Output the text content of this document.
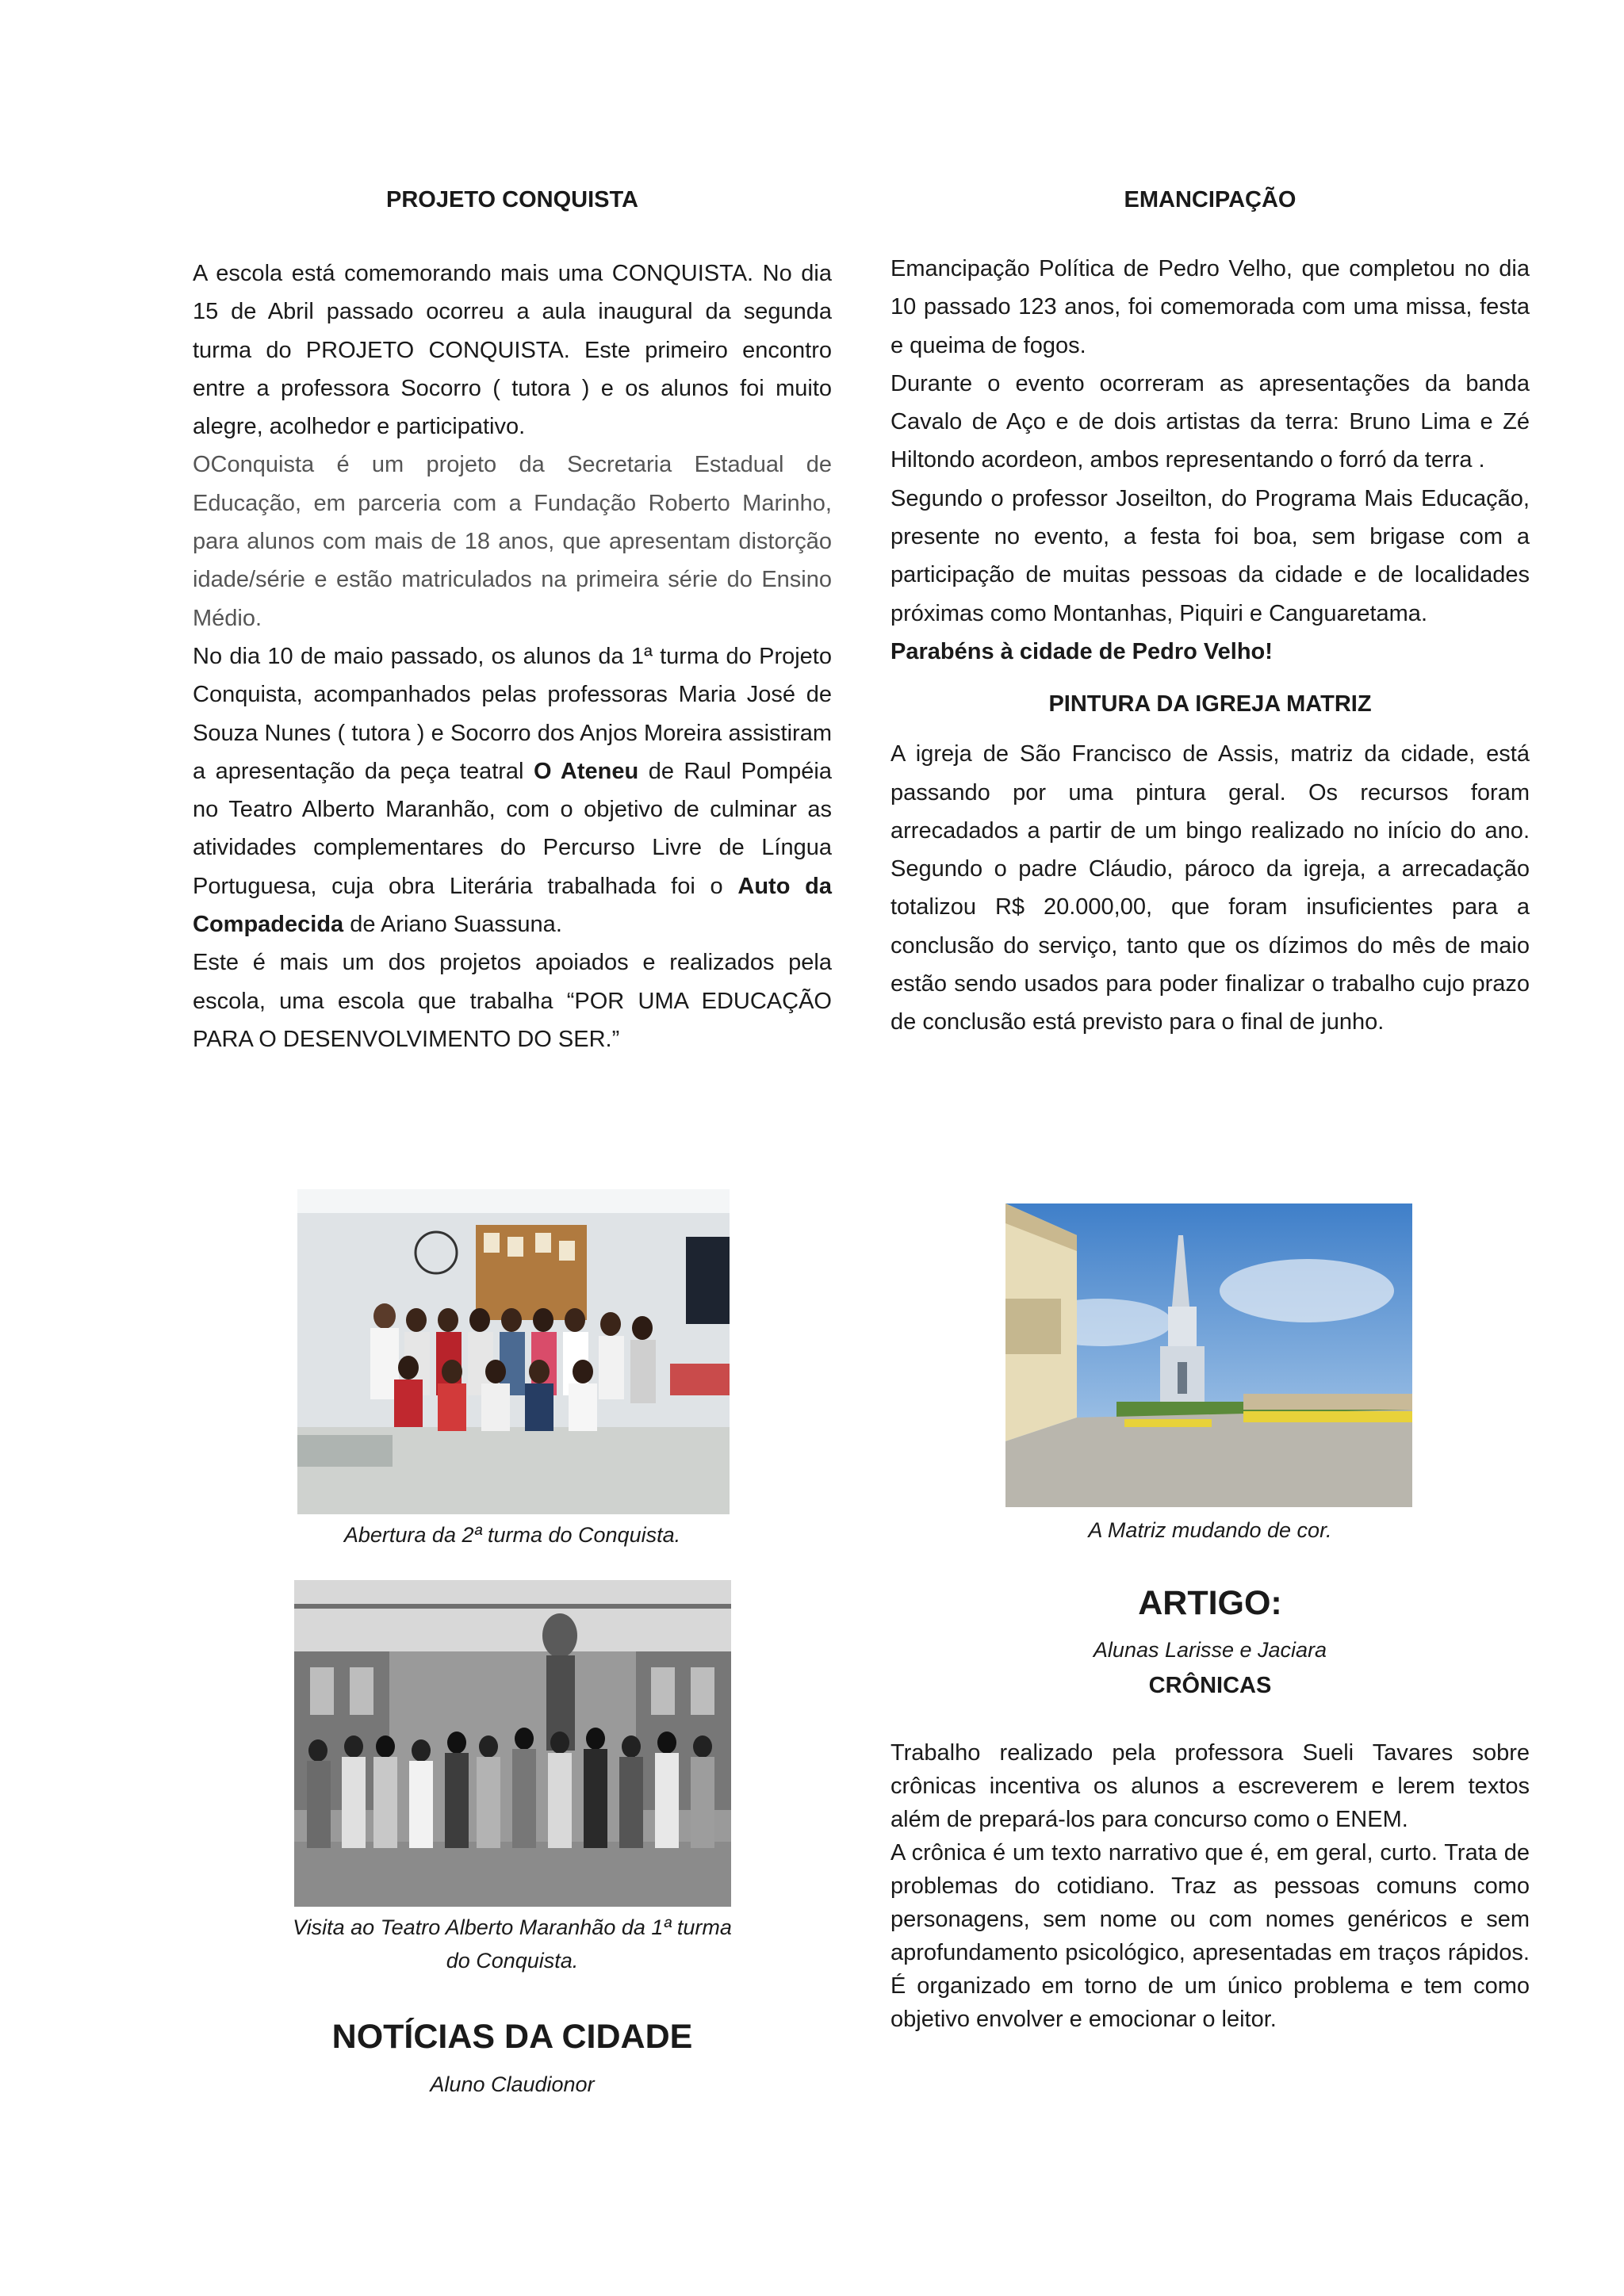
PROJETO CONQUISTA

A escola está comemorando mais uma CONQUISTA. No dia 15 de Abril passado ocorreu a aula inaugural da segunda turma do PROJETO CONQUISTA. Este primeiro encontro entre a professora Socorro ( tutora ) e os alunos foi muito alegre, acolhedor e participativo.

OConquista é um projeto da Secretaria Estadual de Educação, em parceria com a Fundação Roberto Marinho, para alunos com mais de 18 anos, que apresentam distorção idade/série e estão matriculados na primeira série do Ensino Médio.

No dia 10 de maio passado, os alunos da 1ª turma do Projeto Conquista, acompanhados pelas professoras Maria José de Souza Nunes ( tutora ) e Socorro dos Anjos Moreira assistiram a apresentação da peça teatral O Ateneu de Raul Pompéia no Teatro Alberto Maranhão, com o objetivo de culminar as atividades complementares do Percurso Livre de Língua Portuguesa, cuja obra Literária trabalhada foi o Auto da Compadecida de Ariano Suassuna.

Este é mais um dos projetos apoiados e realizados pela escola, uma escola que trabalha “POR UMA EDUCAÇÃO PARA O DESENVOLVIMENTO DO SER.”

Abertura da 2ª turma do Conquista.

Visita ao Teatro Alberto Maranhão da 1ª turma
do Conquista.

NOTÍCIAS DA CIDADE

Aluno Claudionor

EMANCIPAÇÃO

Emancipação Política de Pedro Velho, que completou no dia 10 passado 123 anos, foi comemorada com uma missa, festa e queima de fogos.

Durante o evento ocorreram as apresentações da banda Cavalo de Aço e de dois artistas da terra: Bruno Lima e Zé Hiltondo acordeon, ambos representando o forró da terra .

Segundo o professor Joseilton, do Programa Mais Educação, presente no evento, a festa foi boa, sem brigase com a participação de muitas pessoas da cidade e de localidades próximas como Montanhas, Piquiri e Canguaretama.

Parabéns à cidade de Pedro Velho!

PINTURA DA IGREJA MATRIZ

A igreja de São Francisco de Assis, matriz da cidade, está passando por uma pintura geral. Os recursos foram arrecadados a partir de um bingo realizado no início do ano. Segundo o padre Cláudio, pároco da igreja, a arrecadação totalizou R$ 20.000,00, que foram insuficientes para a conclusão do serviço, tanto que os dízimos do mês de maio estão sendo usados para poder finalizar o trabalho cujo prazo de conclusão está previsto para o final de junho.

A Matriz mudando de cor.

ARTIGO:

Alunas Larisse e Jaciara

CRÔNICAS

Trabalho realizado pela professora Sueli Tavares sobre crônicas incentiva os alunos a escreverem e lerem textos além de prepará-los para concurso como o ENEM.

A crônica é um texto narrativo que é, em geral, curto. Trata de problemas do cotidiano. Traz as pessoas comuns como personagens, sem nome ou com nomes genéricos e sem aprofundamento psicológico, apresentadas em traços rápidos. É organizado em torno de um único problema e tem como objetivo envolver e emocionar o leitor.
